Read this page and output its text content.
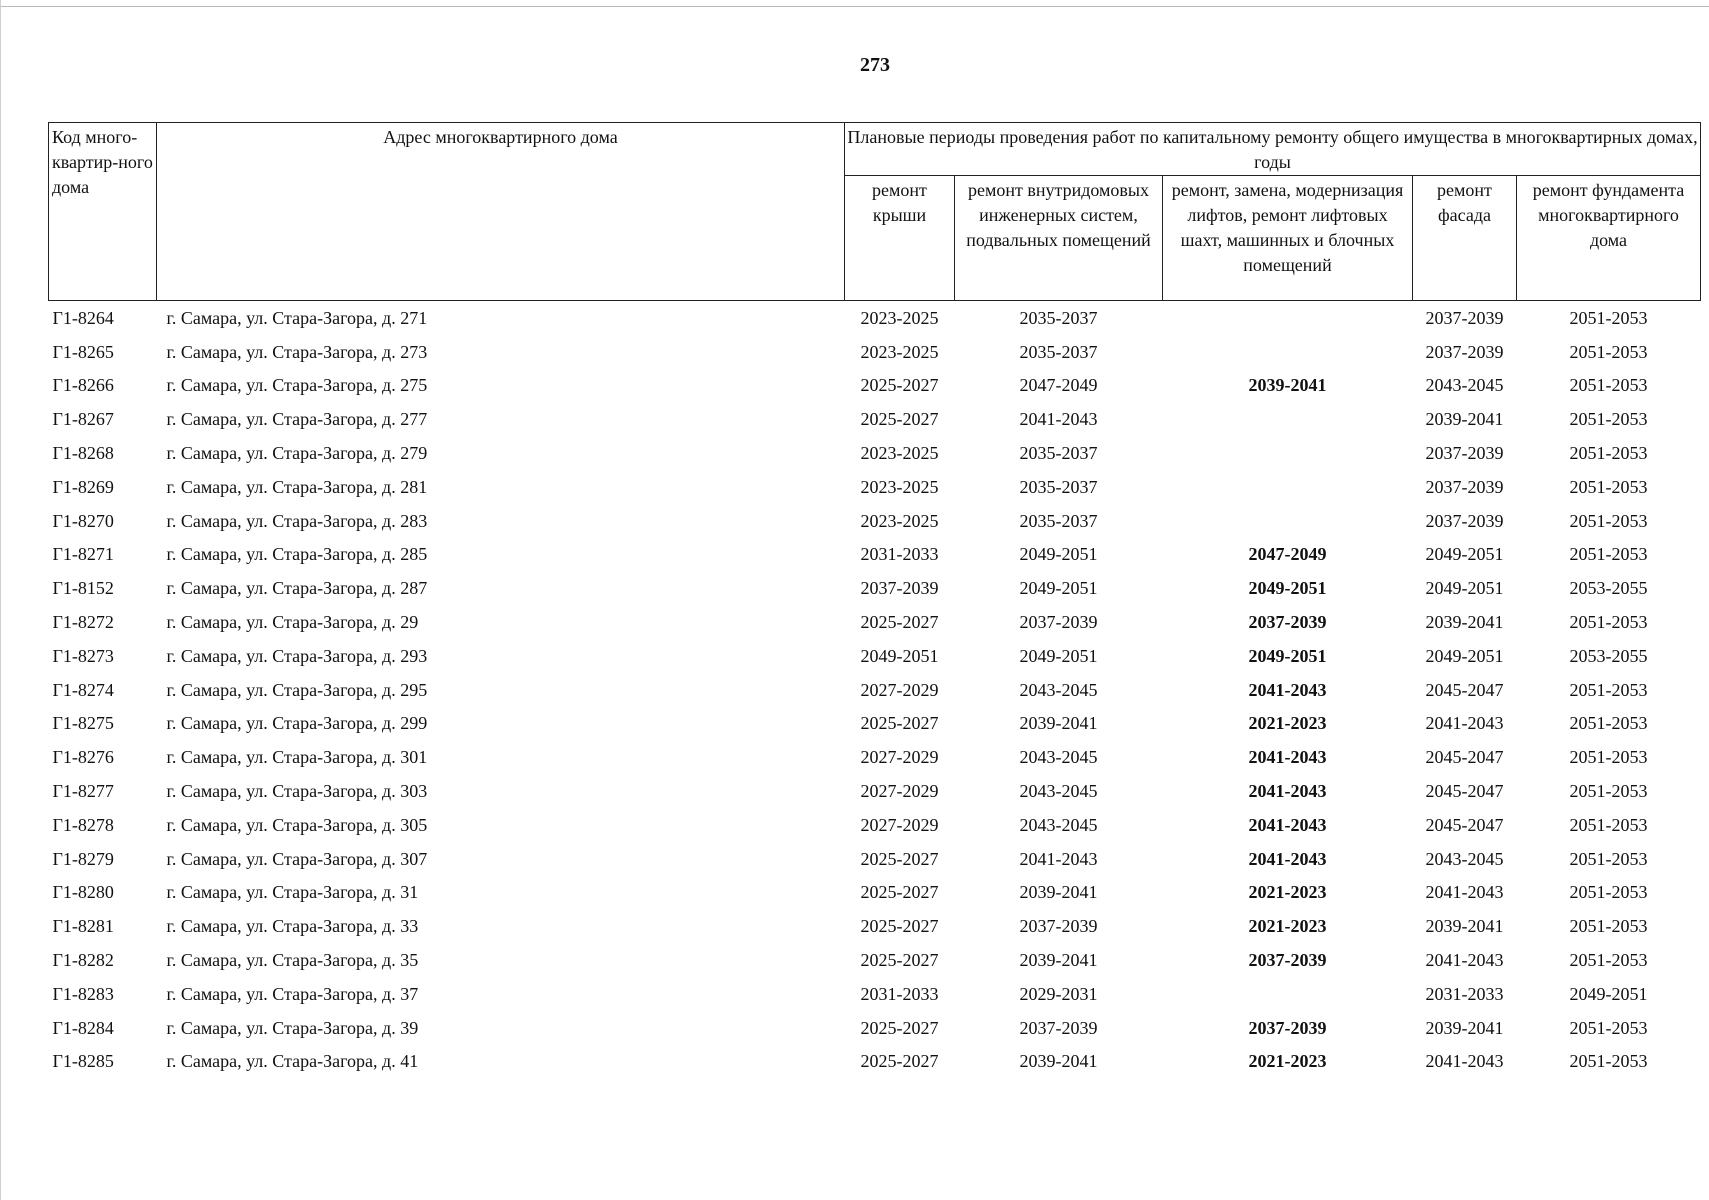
273
Код много-квартир-ного дома	Адрес многоквартирного дома	Плановые периоды проведения работ по капитальному ремонту общего имущества в многоквартирных домах, годы				
		ремонт крыши	ремонт внутридомовых инженерных систем, подвальных помещений	ремонт, замена, модернизация лифтов, ремонт лифтовых шахт, машинных и блочных помещений	ремонт фасада	ремонт фундамента многоквартирного дома
Г1-8264	г. Самара, ул. Стара-Загора, д. 271	2023-2025	2035-2037		2037-2039	2051-2053
Г1-8265	г. Самара, ул. Стара-Загора, д. 273	2023-2025	2035-2037		2037-2039	2051-2053
Г1-8266	г. Самара, ул. Стара-Загора, д. 275	2025-2027	2047-2049	2039-2041	2043-2045	2051-2053
Г1-8267	г. Самара, ул. Стара-Загора, д. 277	2025-2027	2041-2043		2039-2041	2051-2053
Г1-8268	г. Самара, ул. Стара-Загора, д. 279	2023-2025	2035-2037		2037-2039	2051-2053
Г1-8269	г. Самара, ул. Стара-Загора, д. 281	2023-2025	2035-2037		2037-2039	2051-2053
Г1-8270	г. Самара, ул. Стара-Загора, д. 283	2023-2025	2035-2037		2037-2039	2051-2053
Г1-8271	г. Самара, ул. Стара-Загора, д. 285	2031-2033	2049-2051	2047-2049	2049-2051	2051-2053
Г1-8152	г. Самара, ул. Стара-Загора, д. 287	2037-2039	2049-2051	2049-2051	2049-2051	2053-2055
Г1-8272	г. Самара, ул. Стара-Загора, д. 29	2025-2027	2037-2039	2037-2039	2039-2041	2051-2053
Г1-8273	г. Самара, ул. Стара-Загора, д. 293	2049-2051	2049-2051	2049-2051	2049-2051	2053-2055
Г1-8274	г. Самара, ул. Стара-Загора, д. 295	2027-2029	2043-2045	2041-2043	2045-2047	2051-2053
Г1-8275	г. Самара, ул. Стара-Загора, д. 299	2025-2027	2039-2041	2021-2023	2041-2043	2051-2053
Г1-8276	г. Самара, ул. Стара-Загора, д. 301	2027-2029	2043-2045	2041-2043	2045-2047	2051-2053
Г1-8277	г. Самара, ул. Стара-Загора, д. 303	2027-2029	2043-2045	2041-2043	2045-2047	2051-2053
Г1-8278	г. Самара, ул. Стара-Загора, д. 305	2027-2029	2043-2045	2041-2043	2045-2047	2051-2053
Г1-8279	г. Самара, ул. Стара-Загора, д. 307	2025-2027	2041-2043	2041-2043	2043-2045	2051-2053
Г1-8280	г. Самара, ул. Стара-Загора, д. 31	2025-2027	2039-2041	2021-2023	2041-2043	2051-2053
Г1-8281	г. Самара, ул. Стара-Загора, д. 33	2025-2027	2037-2039	2021-2023	2039-2041	2051-2053
Г1-8282	г. Самара, ул. Стара-Загора, д. 35	2025-2027	2039-2041	2037-2039	2041-2043	2051-2053
Г1-8283	г. Самара, ул. Стара-Загора, д. 37	2031-2033	2029-2031		2031-2033	2049-2051
Г1-8284	г. Самара, ул. Стара-Загора, д. 39	2025-2027	2037-2039	2037-2039	2039-2041	2051-2053
Г1-8285	г. Самара, ул. Стара-Загора, д. 41	2025-2027	2039-2041	2021-2023	2041-2043	2051-2053
